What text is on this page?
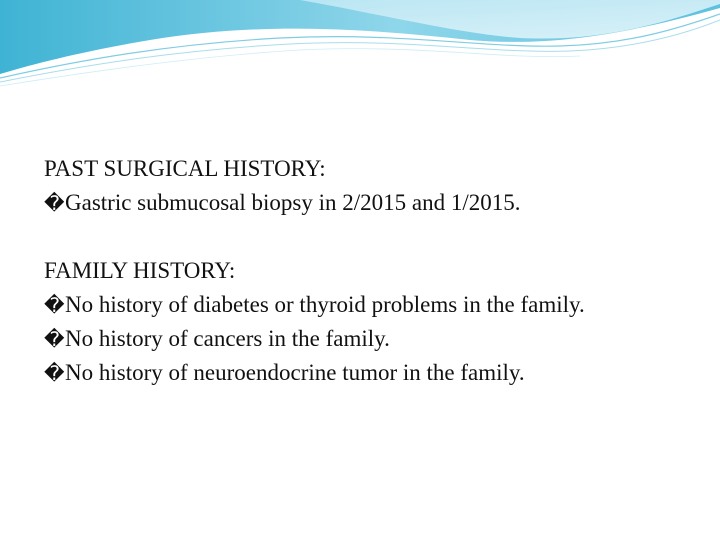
PAST SURGICAL HISTORY:
�Gastric submucosal biopsy in 2/2015 and 1/2015.
FAMILY HISTORY:
�No history of diabetes or thyroid problems in the family.
�No history of cancers in the family.
�No history of neuroendocrine tumor in the family.
